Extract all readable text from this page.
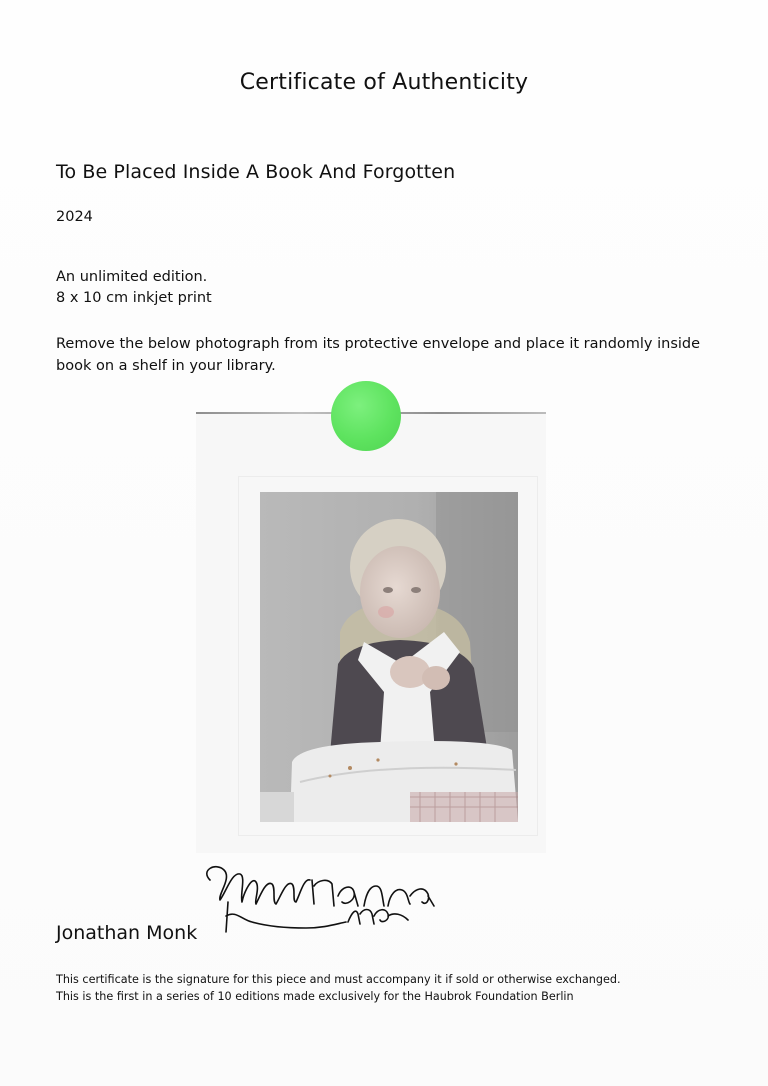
Certificate of Authenticity
To Be Placed Inside A Book And Forgotten
2024
An unlimited edition.
8 x 10 cm inkjet print
Remove the below photograph from its protective envelope and place it randomly inside book on a shelf in your library.
Jonathan Monk
This certificate is the signature for this piece and must accompany it if sold or otherwise exchanged.
This is the first in a series of 10 editions made exclusively for the Haubrok Foundation Berlin
